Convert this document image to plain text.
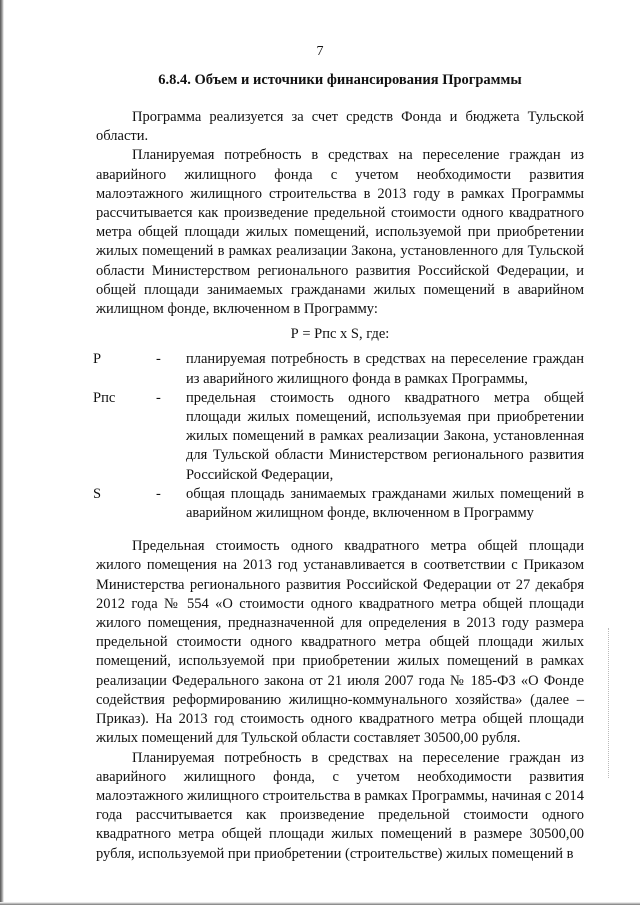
7
6.8.4. Объем и источники финансирования Программы

Программа реализуется за счет средств Фонда и бюджета Тульской области.

Планируемая потребность в средствах на переселение граждан из аварийного жилищного фонда с учетом необходимости развития малоэтажного жилищного строительства в 2013 году в рамках Программы рассчитывается как произведение предельной стоимости одного квадратного метра общей площади жилых помещений, используемой при приобретении жилых помещений в рамках реализации Закона, установленного для Тульской области Министерством регионального развития Российской Федерации, и общей площади занимаемых гражданами жилых помещений в аварийном жилищном фонде, включенном в Программу:

Р = Рпс х S, где:

Р	-	планируемая потребность в средствах на переселение граждан из аварийного жилищного фонда в рамках Программы,
Рпс	-	предельная стоимость одного квадратного метра общей площади жилых помещений, используемая при приобретении жилых помещений в рамках реализации Закона, установленная для Тульской области Министерством регионального развития Российской Федерации,
S	-	общая площадь занимаемых гражданами жилых помещений в аварийном жилищном фонде, включенном в Программу

Предельная стоимость одного квадратного метра общей площади жилого помещения на 2013 год устанавливается в соответствии с Приказом Министерства регионального развития Российской Федерации от 27 декабря 2012 года № 554 «О стоимости одного квадратного метра общей площади жилого помещения, предназначенной для определения в 2013 году размера предельной стоимости одного квадратного метра общей площади жилых помещений, используемой при приобретении жилых помещений в рамках реализации Федерального закона от 21 июля 2007 года № 185-ФЗ «О Фонде содействия реформированию жилищно-коммунального хозяйства» (далее – Приказ). На 2013 год стоимость одного квадратного метра общей площади жилых помещений для Тульской области составляет 30500,00 рубля.

Планируемая потребность в средствах на переселение граждан из аварийного жилищного фонда, с учетом необходимости развития малоэтажного жилищного строительства в рамках Программы, начиная с 2014 года рассчитывается как произведение предельной стоимости одного квадратного метра общей площади жилых помещений в размере 30500,00 рубля, используемой при приобретении (строительстве) жилых помещений в
